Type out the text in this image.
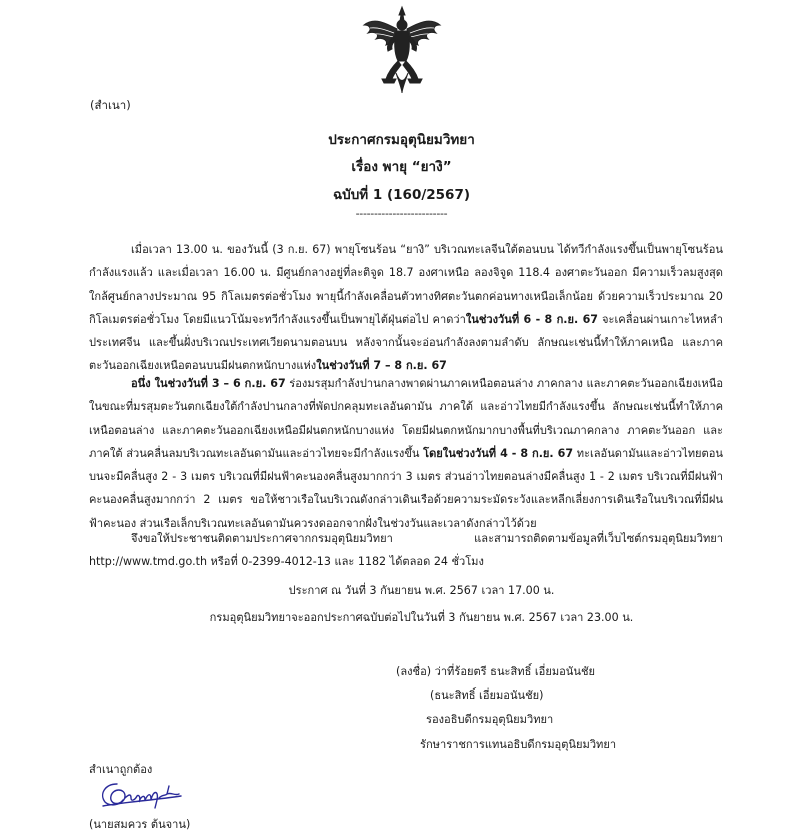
(สำเนา)
ประกาศกรมอุตุนิยมวิทยา
เรื่อง พายุ “ยางิ”
ฉบับที่ 1 (160/2567)
-------------------------

เมื่อเวลา 13.00 น. ของวันนี้ (3 ก.ย. 67) พายุโซนร้อน “ยางิ” บริเวณทะเลจีนใต้ตอนบน ได้ทวีกำลังแรงขึ้นเป็นพายุโซนร้อนกำลังแรงแล้ว และเมื่อเวลา 16.00 น. มีศูนย์กลางอยู่ที่ละติจูด 18.7 องศาเหนือ ลองจิจูด 118.4 องศาตะวันออก มีความเร็วลมสูงสุดใกล้ศูนย์กลางประมาณ 95 กิโลเมตรต่อชั่วโมง พายุนี้กำลังเคลื่อนตัวทางทิศตะวันตกค่อนทางเหนือเล็กน้อย ด้วยความเร็วประมาณ 20 กิโลเมตรต่อชั่วโมง โดยมีแนวโน้มจะทวีกำลังแรงขึ้นเป็นพายุไต้ฝุ่นต่อไป คาดว่าในช่วงวันที่ 6 - 8 ก.ย. 67 จะเคลื่อนผ่านเกาะไหหลำ ประเทศจีน และขึ้นฝั่งบริเวณประเทศเวียดนามตอนบน หลังจากนั้นจะอ่อนกำลังลงตามลำดับ ลักษณะเช่นนี้ทำให้ภาคเหนือ และภาคตะวันออกเฉียงเหนือตอนบนมีฝนตกหนักบางแห่งในช่วงวันที่ 7 – 8 ก.ย. 67

อนึ่ง ในช่วงวันที่ 3 – 6 ก.ย. 67 ร่องมรสุมกำลังปานกลางพาดผ่านภาคเหนือตอนล่าง ภาคกลาง และภาคตะวันออกเฉียงเหนือ ในขณะที่มรสุมตะวันตกเฉียงใต้กำลังปานกลางที่พัดปกคลุมทะเลอันดามัน ภาคใต้ และอ่าวไทยมีกำลังแรงขึ้น ลักษณะเช่นนี้ทำให้ภาคเหนือตอนล่าง และภาคตะวันออกเฉียงเหนือมีฝนตกหนักบางแห่ง โดยมีฝนตกหนักมากบางพื้นที่บริเวณภาคกลาง ภาคตะวันออก และภาคใต้ ส่วนคลื่นลมบริเวณทะเลอันดามันและอ่าวไทยจะมีกำลังแรงขึ้น โดยในช่วงวันที่ 4 - 8 ก.ย. 67 ทะเลอันดามันและอ่าวไทยตอนบนจะมีคลื่นสูง 2 - 3 เมตร บริเวณที่มีฝนฟ้าคะนองคลื่นสูงมากกว่า 3 เมตร ส่วนอ่าวไทยตอนล่างมีคลื่นสูง 1 - 2 เมตร บริเวณที่มีฝนฟ้าคะนองคลื่นสูงมากกว่า 2 เมตร ขอให้ชาวเรือในบริเวณดังกล่าวเดินเรือด้วยความระมัดระวังและหลีกเลี่ยงการเดินเรือในบริเวณที่มีฝนฟ้าคะนอง ส่วนเรือเล็กบริเวณทะเลอันดามันควรงดออกจากฝั่งในช่วงวันและเวลาดังกล่าวไว้ด้วย

จึงขอให้ประชาชนติดตามประกาศจากกรมอุตุนิยมวิทยา และสามารถติดตามข้อมูลที่เว็บไซต์กรมอุตุนิยมวิทยา http://www.tmd.go.th หรือที่ 0-2399-4012-13 และ 1182 ได้ตลอด 24 ชั่วโมง

ประกาศ ณ วันที่ 3 กันยายน พ.ศ. 2567 เวลา 17.00 น.
กรมอุตุนิยมวิทยาจะออกประกาศฉบับต่อไปในวันที่ 3 กันยายน พ.ศ. 2567 เวลา 23.00 น.
(ลงชื่อ) ว่าที่ร้อยตรี ธนะสิทธิ์ เอี่ยมอนันชัย
(ธนะสิทธิ์ เอี่ยมอนันชัย)
รองอธิบดีกรมอุตุนิยมวิทยา
รักษาราชการแทนอธิบดีกรมอุตุนิยมวิทยา
สำเนาถูกต้อง
(นายสมควร ต้นจาน)
